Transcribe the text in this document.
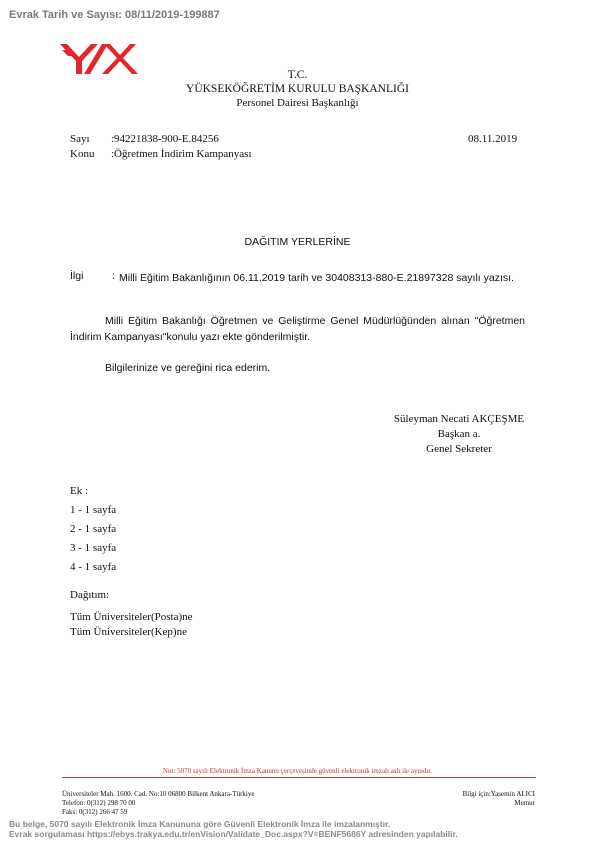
Evrak Tarih ve Sayısı: 08/11/2019-199887
T.C.
YÜKSEKÖĞRETİM KURULU BAŞKANLIĞI
Personel Dairesi Başkanlığı
Sayı :94221838-900-E.84256
Konu :Öğretmen İndirim Kampanyası
08.11.2019
DAĞITIM YERLERİNE
İlgi	: Milli Eğitim Bakanlığının 06.11.2019 tarih ve 30408313-880-E.21897328 sayılı yazısı.
Milli Eğitim Bakanlığı Öğretmen ve Geliştirme Genel Müdürlüğünden alınan "Öğretmen İndirim Kampanyası"konulu yazı ekte gönderilmiştir.
Bilgilerinize ve gereğini rica ederim.
Süleyman Necati AKÇEŞME
Başkan a.
Genel Sekreter
Ek :
1 - 1 sayfa
2 - 1 sayfa
3 - 1 sayfa
4 - 1 sayfa
Dağıtım:
Tüm Üniversiteler(Posta)ne
Tüm Üniversiteler(Kep)ne
Not: 5070 sayılı Elektronik İmza Kanunu çerçevesinde güvenli elektronik imzalı aslı ile aynıdır.
Üniversiteler Mah. 1600. Cad. No:10 06800 Bilkent Ankara-Türkiye
Telefon: 0(312) 298 70 00
Faks: 0(312) 266 47 59
Bilgi için:Yasemin ALICI
Memur
Bu belge, 5070 sayılı Elektronik İmza Kanununa göre Güvenli Elektronik İmza ile imzalanmıştır.
Evrak sorgulaması https://ebys.trakya.edu.tr/enVision/Validate_Doc.aspx?V=BENF5686Y adresinden yapılabilir.
